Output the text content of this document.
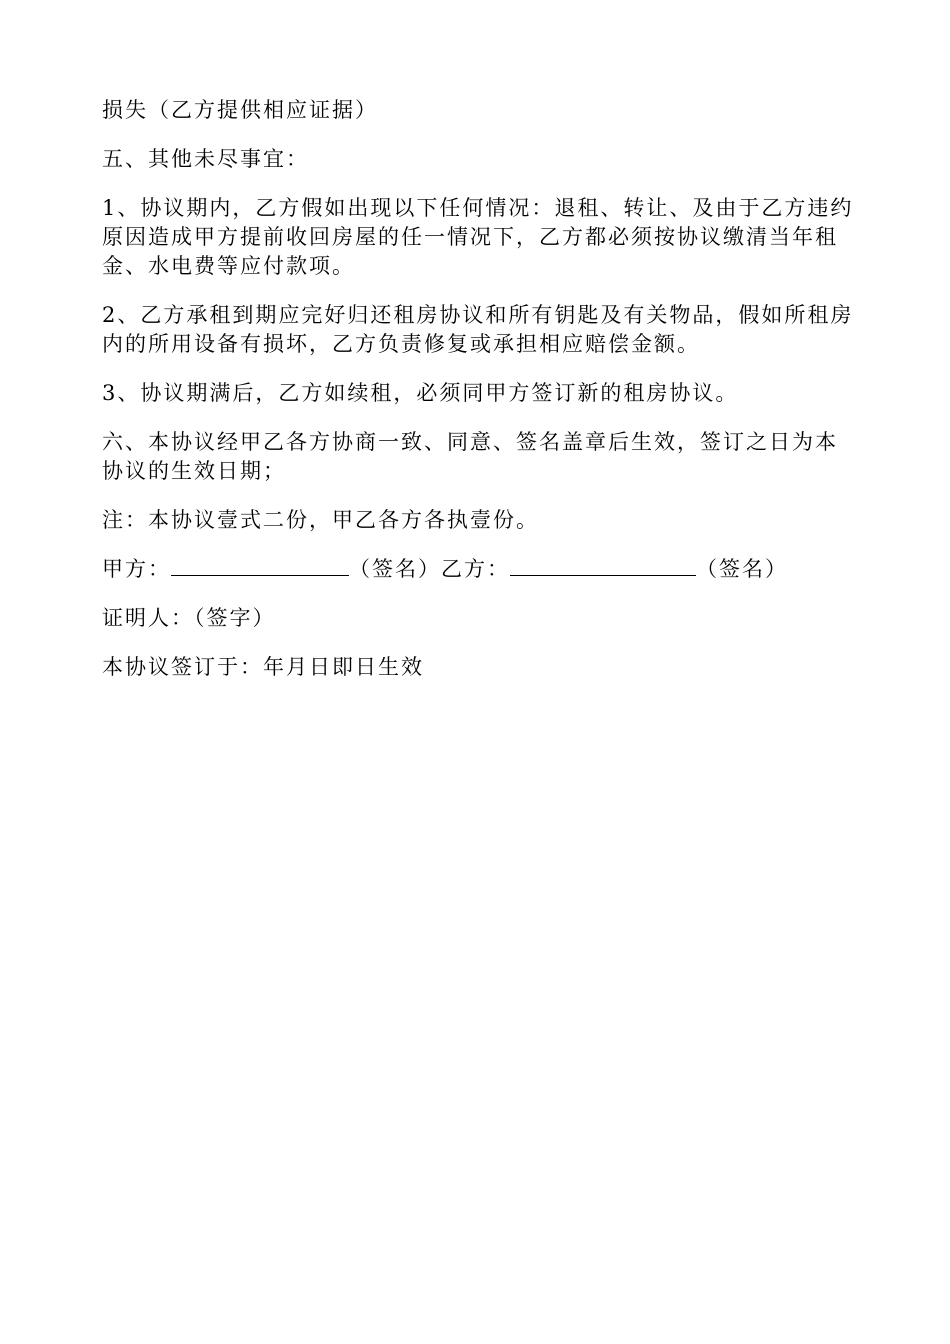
损失（乙方提供相应证据）

五、其他未尽事宜：

1、协议期内，乙方假如出现以下任何情况：退租、转让、及由于乙方违约原因造成甲方提前收回房屋的任一情况下，乙方都必须按协议缴清当年租金、水电费等应付款项。

2、乙方承租到期应完好归还租房协议和所有钥匙及有关物品，假如所租房内的所用设备有损坏，乙方负责修复或承担相应赔偿金额。

3、协议期满后，乙方如续租，必须同甲方签订新的租房协议。

六、本协议经甲乙各方协商一致、同意、签名盖章后生效，签订之日为本协议的生效日期；

注：本协议壹式二份，甲乙各方各执壹份。

甲方：	（签名）乙方：	（签名）

证明人：（签字）

本协议签订于：年月日即日生效
